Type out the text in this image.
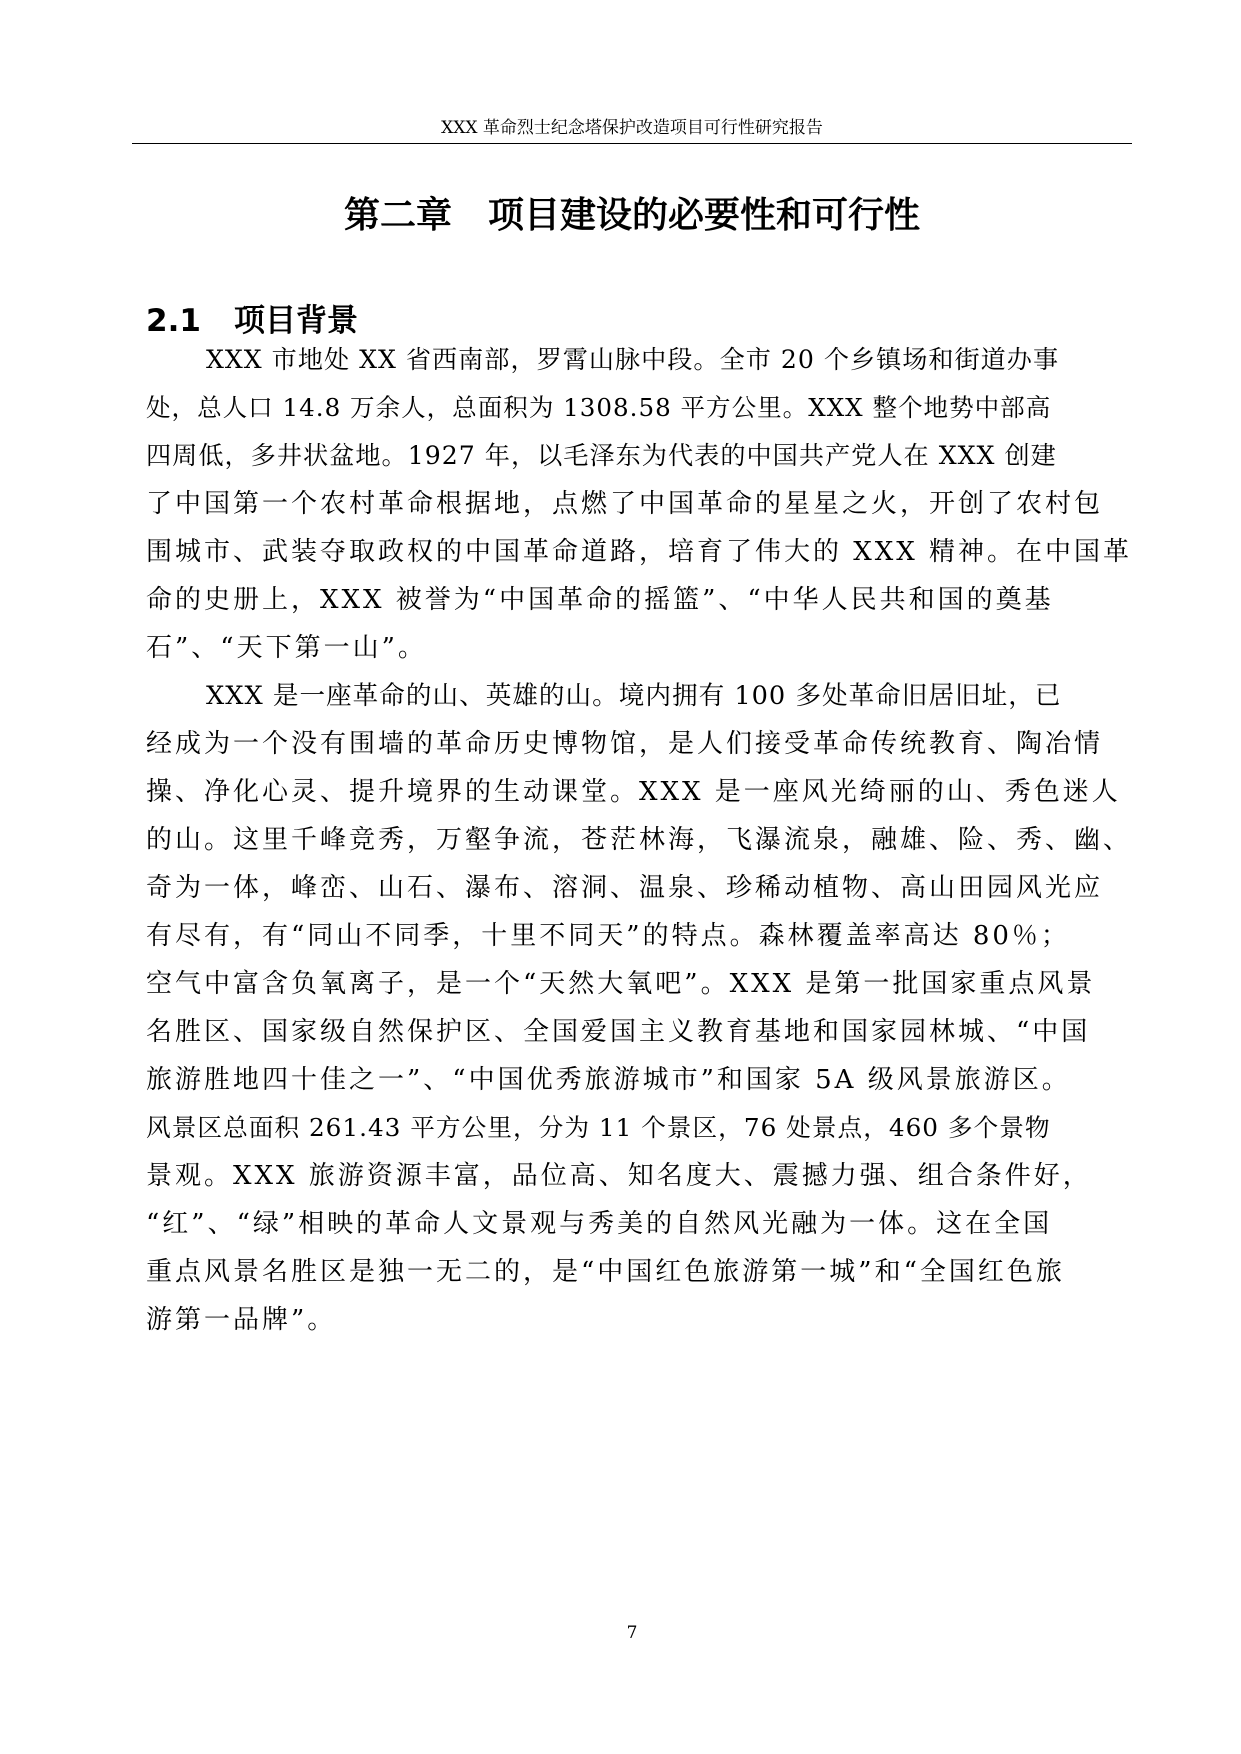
XXX 革命烈士纪念塔保护改造项目可行性研究报告
第二章　项目建设的必要性和可行性
2.1 项目背景
XXX 市地处 XX 省西南部，罗霄山脉中段。全市 20 个乡镇场和街道办事
处，总人口 14.8 万余人，总面积为 1308.58 平方公里。XXX 整个地势中部高
四周低，多井状盆地。1927 年，以毛泽东为代表的中国共产党人在 XXX 创建
了中国第一个农村革命根据地，点燃了中国革命的星星之火，开创了农村包
围城市、武装夺取政权的中国革命道路，培育了伟大的 XXX 精神。在中国革
命的史册上，XXX 被誉为“中国革命的摇篮”、“中华人民共和国的奠基
石”、“天下第一山”。
XXX 是一座革命的山、英雄的山。境内拥有 100 多处革命旧居旧址，已
经成为一个没有围墙的革命历史博物馆，是人们接受革命传统教育、陶冶情
操、净化心灵、提升境界的生动课堂。XXX 是一座风光绮丽的山、秀色迷人
的山。这里千峰竞秀，万壑争流，苍茫林海，飞瀑流泉，融雄、险、秀、幽、
奇为一体，峰峦、山石、瀑布、溶洞、温泉、珍稀动植物、高山田园风光应
有尽有，有“同山不同季，十里不同天”的特点。森林覆盖率高达 80％；
空气中富含负氧离子，是一个“天然大氧吧”。XXX 是第一批国家重点风景
名胜区、国家级自然保护区、全国爱国主义教育基地和国家园林城、“中国
旅游胜地四十佳之一”、“中国优秀旅游城市”和国家 5A 级风景旅游区。
风景区总面积 261.43 平方公里，分为 11 个景区，76 处景点，460 多个景物
景观。XXX 旅游资源丰富，品位高、知名度大、震撼力强、组合条件好，
“红”、“绿”相映的革命人文景观与秀美的自然风光融为一体。这在全国
重点风景名胜区是独一无二的，是“中国红色旅游第一城”和“全国红色旅
游第一品牌”。
7
